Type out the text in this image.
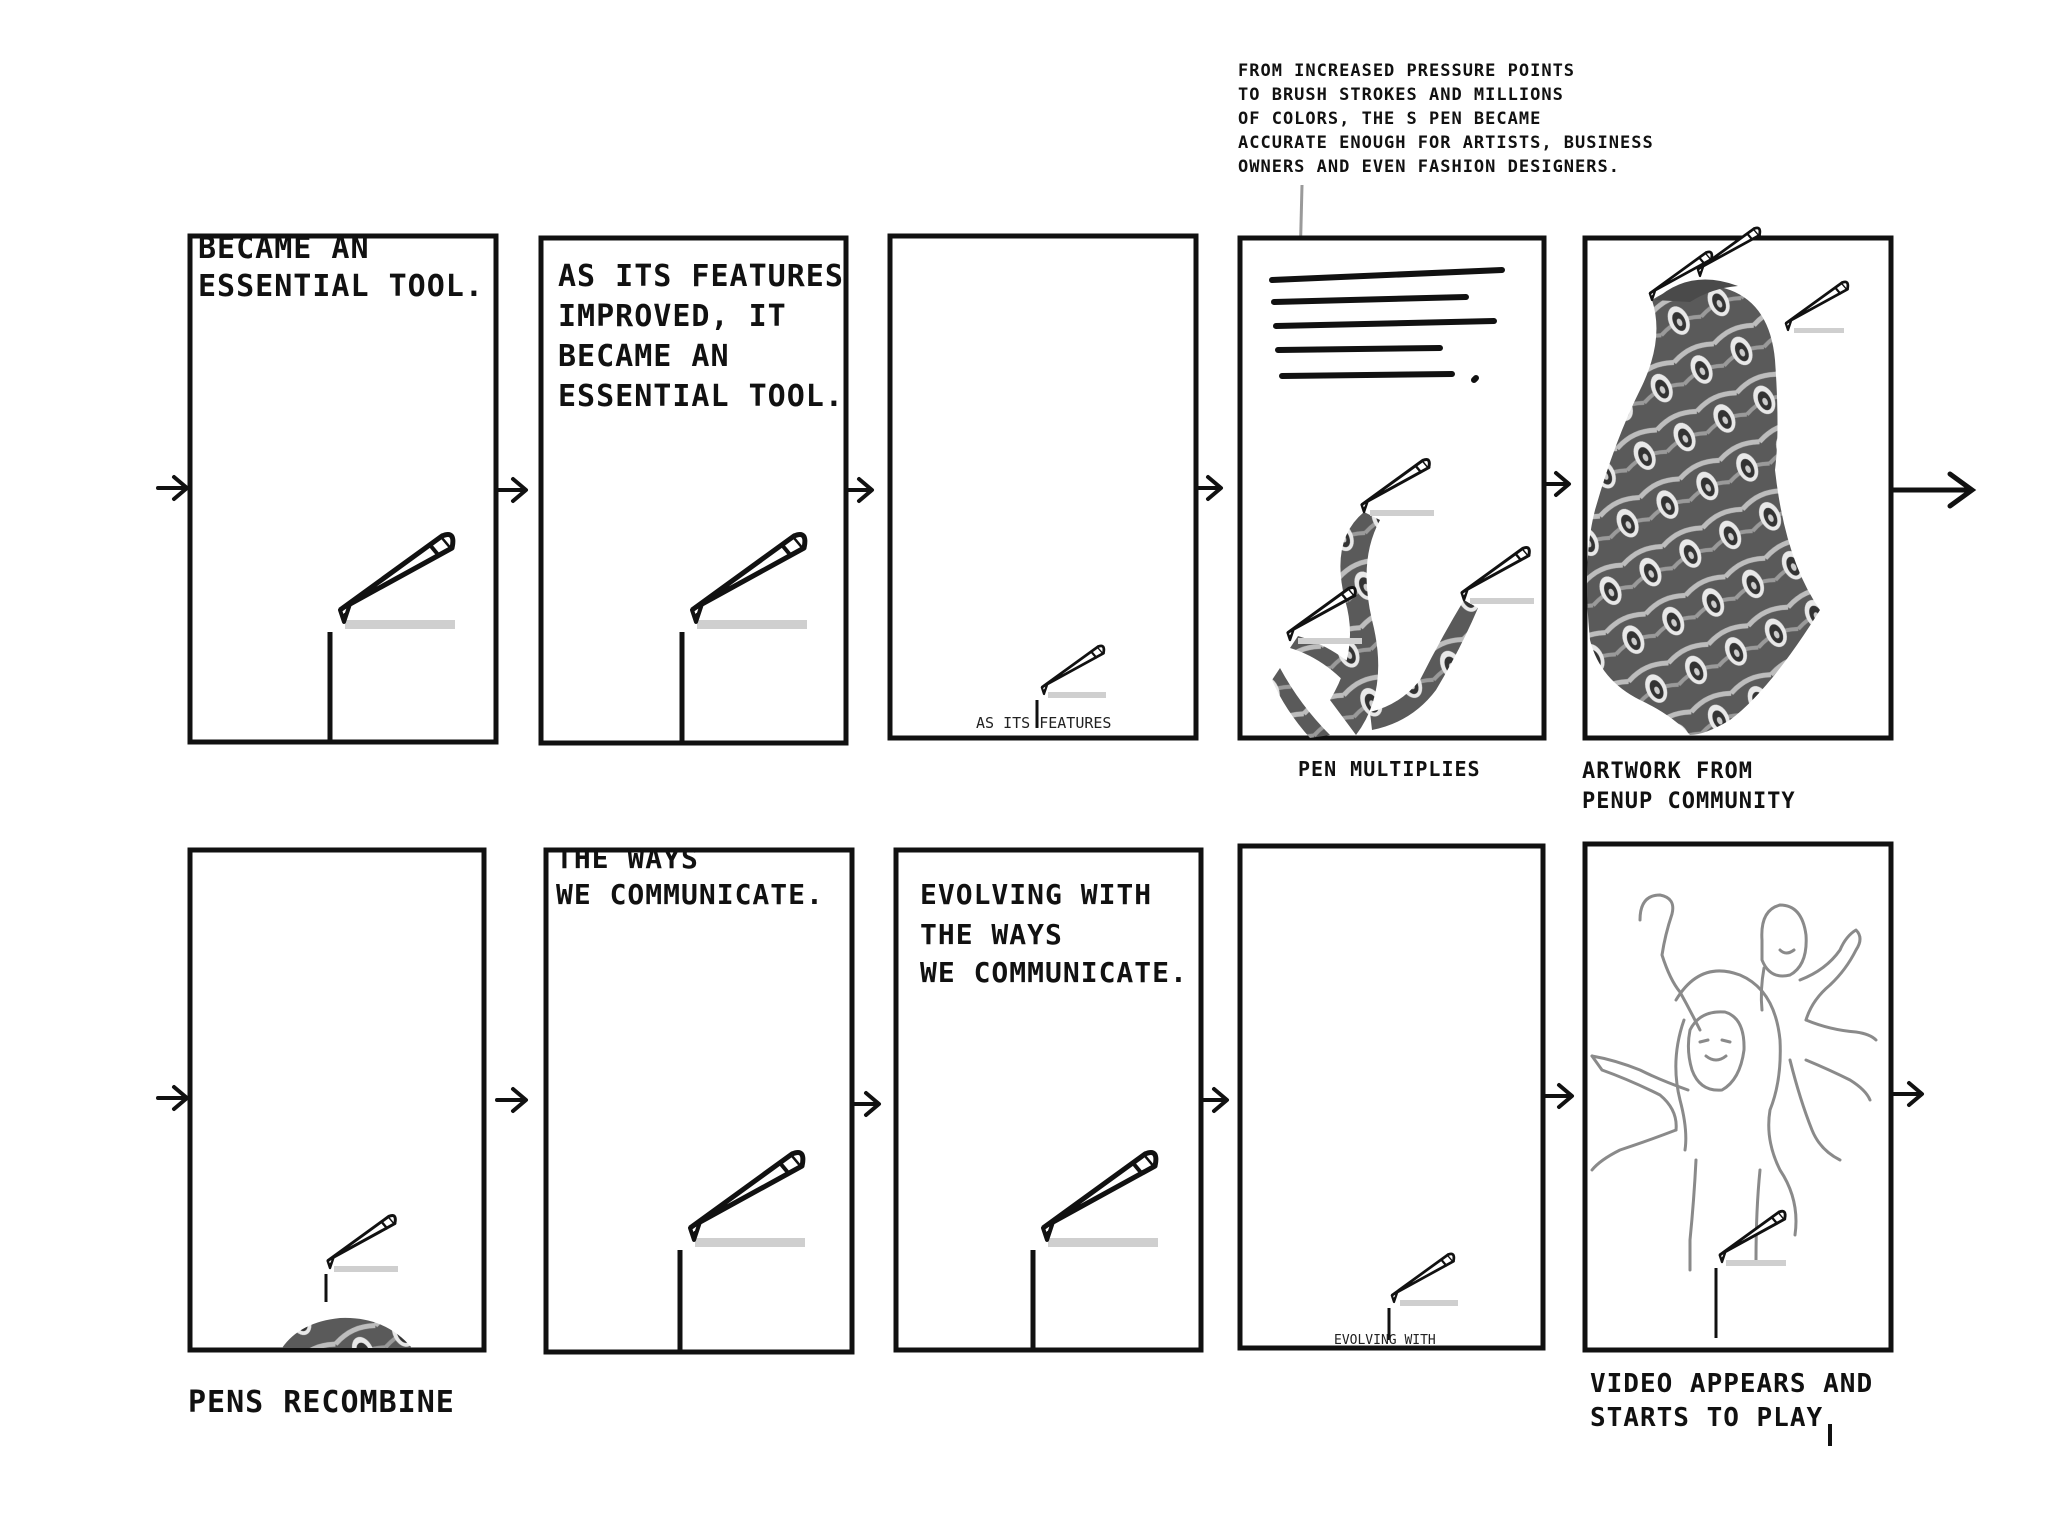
FROM INCREASED PRESSURE POINTS
TO BRUSH STROKES AND MILLIONS
OF COLORS, THE S PEN BECAME
ACCURATE ENOUGH FOR ARTISTS, BUSINESS
OWNERS AND EVEN FASHION DESIGNERS.
BECAME AN
ESSENTIAL TOOL. AS ITS FEATURES
IMPROVED, IT
BECAME AN
ESSENTIAL TOOL.
AS ITS FEATURES
PEN MULTIPLIES	ARTWORK FROM
PENUP COMMUNITY
PENS RECOMBINE
THE WAYS
WE COMMUNICATE.	EVOLVING WITH
THE WAYS
WE COMMUNICATE.
EVOLVING WITH
VIDEO APPEARS AND
STARTS TO PLAY
